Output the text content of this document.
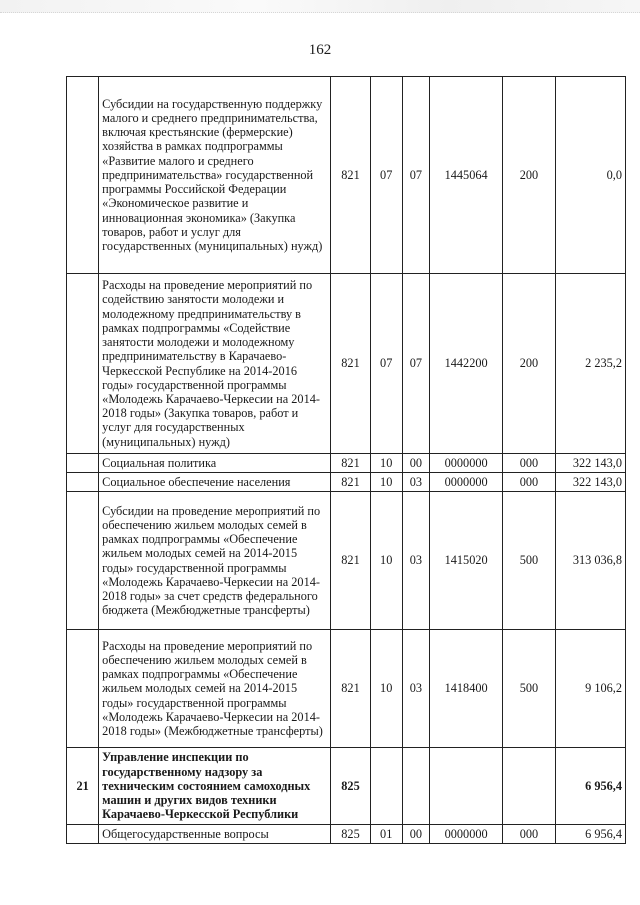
162
	Субсидии на государственную поддержку малого и среднего предпринимательства, включая крестьянские (фермерские) хозяйства в рамках подпрограммы «Развитие малого и среднего предпринимательства» государственной программы Российской Федерации «Экономическое развитие и инновационная экономика» (Закупка товаров, работ и услуг для государственных (муниципальных) нужд)	821	07	07	1445064	200	0,0
	Расходы на проведение мероприятий по содействию занятости молодежи и молодежному предпринимательству в рамках подпрограммы «Содействие занятости молодежи и молодежному предпринимательству в Карачаево-Черкесской Республике на 2014-2016 годы» государственной программы «Молодежь Карачаево-Черкесии на 2014-2018 годы» (Закупка товаров, работ и услуг для государственных (муниципальных) нужд)	821	07	07	1442200	200	2 235,2
	Социальная политика	821	10	00	0000000	000	322 143,0
	Социальное обеспечение населения	821	10	03	0000000	000	322 143,0
	Субсидии на проведение мероприятий по обеспечению жильем молодых семей в рамках подпрограммы «Обеспечение жильем молодых семей на 2014-2015 годы» государственной программы «Молодежь Карачаево-Черкесии на 2014-2018 годы» за счет средств федерального бюджета (Межбюджетные трансферты)	821	10	03	1415020	500	313 036,8
	Расходы на проведение мероприятий по обеспечению жильем молодых семей в рамках подпрограммы «Обеспечение жильем молодых семей на 2014-2015 годы» государственной программы «Молодежь Карачаево-Черкесии на 2014-2018 годы» (Межбюджетные трансферты)	821	10	03	1418400	500	9 106,2
21	Управление инспекции по государственному надзору за техническим состоянием самоходных машин и других видов техники Карачаево-Черкесской Республики	825					6 956,4
	Общегосударственные вопросы	825	01	00	0000000	000	6 956,4
